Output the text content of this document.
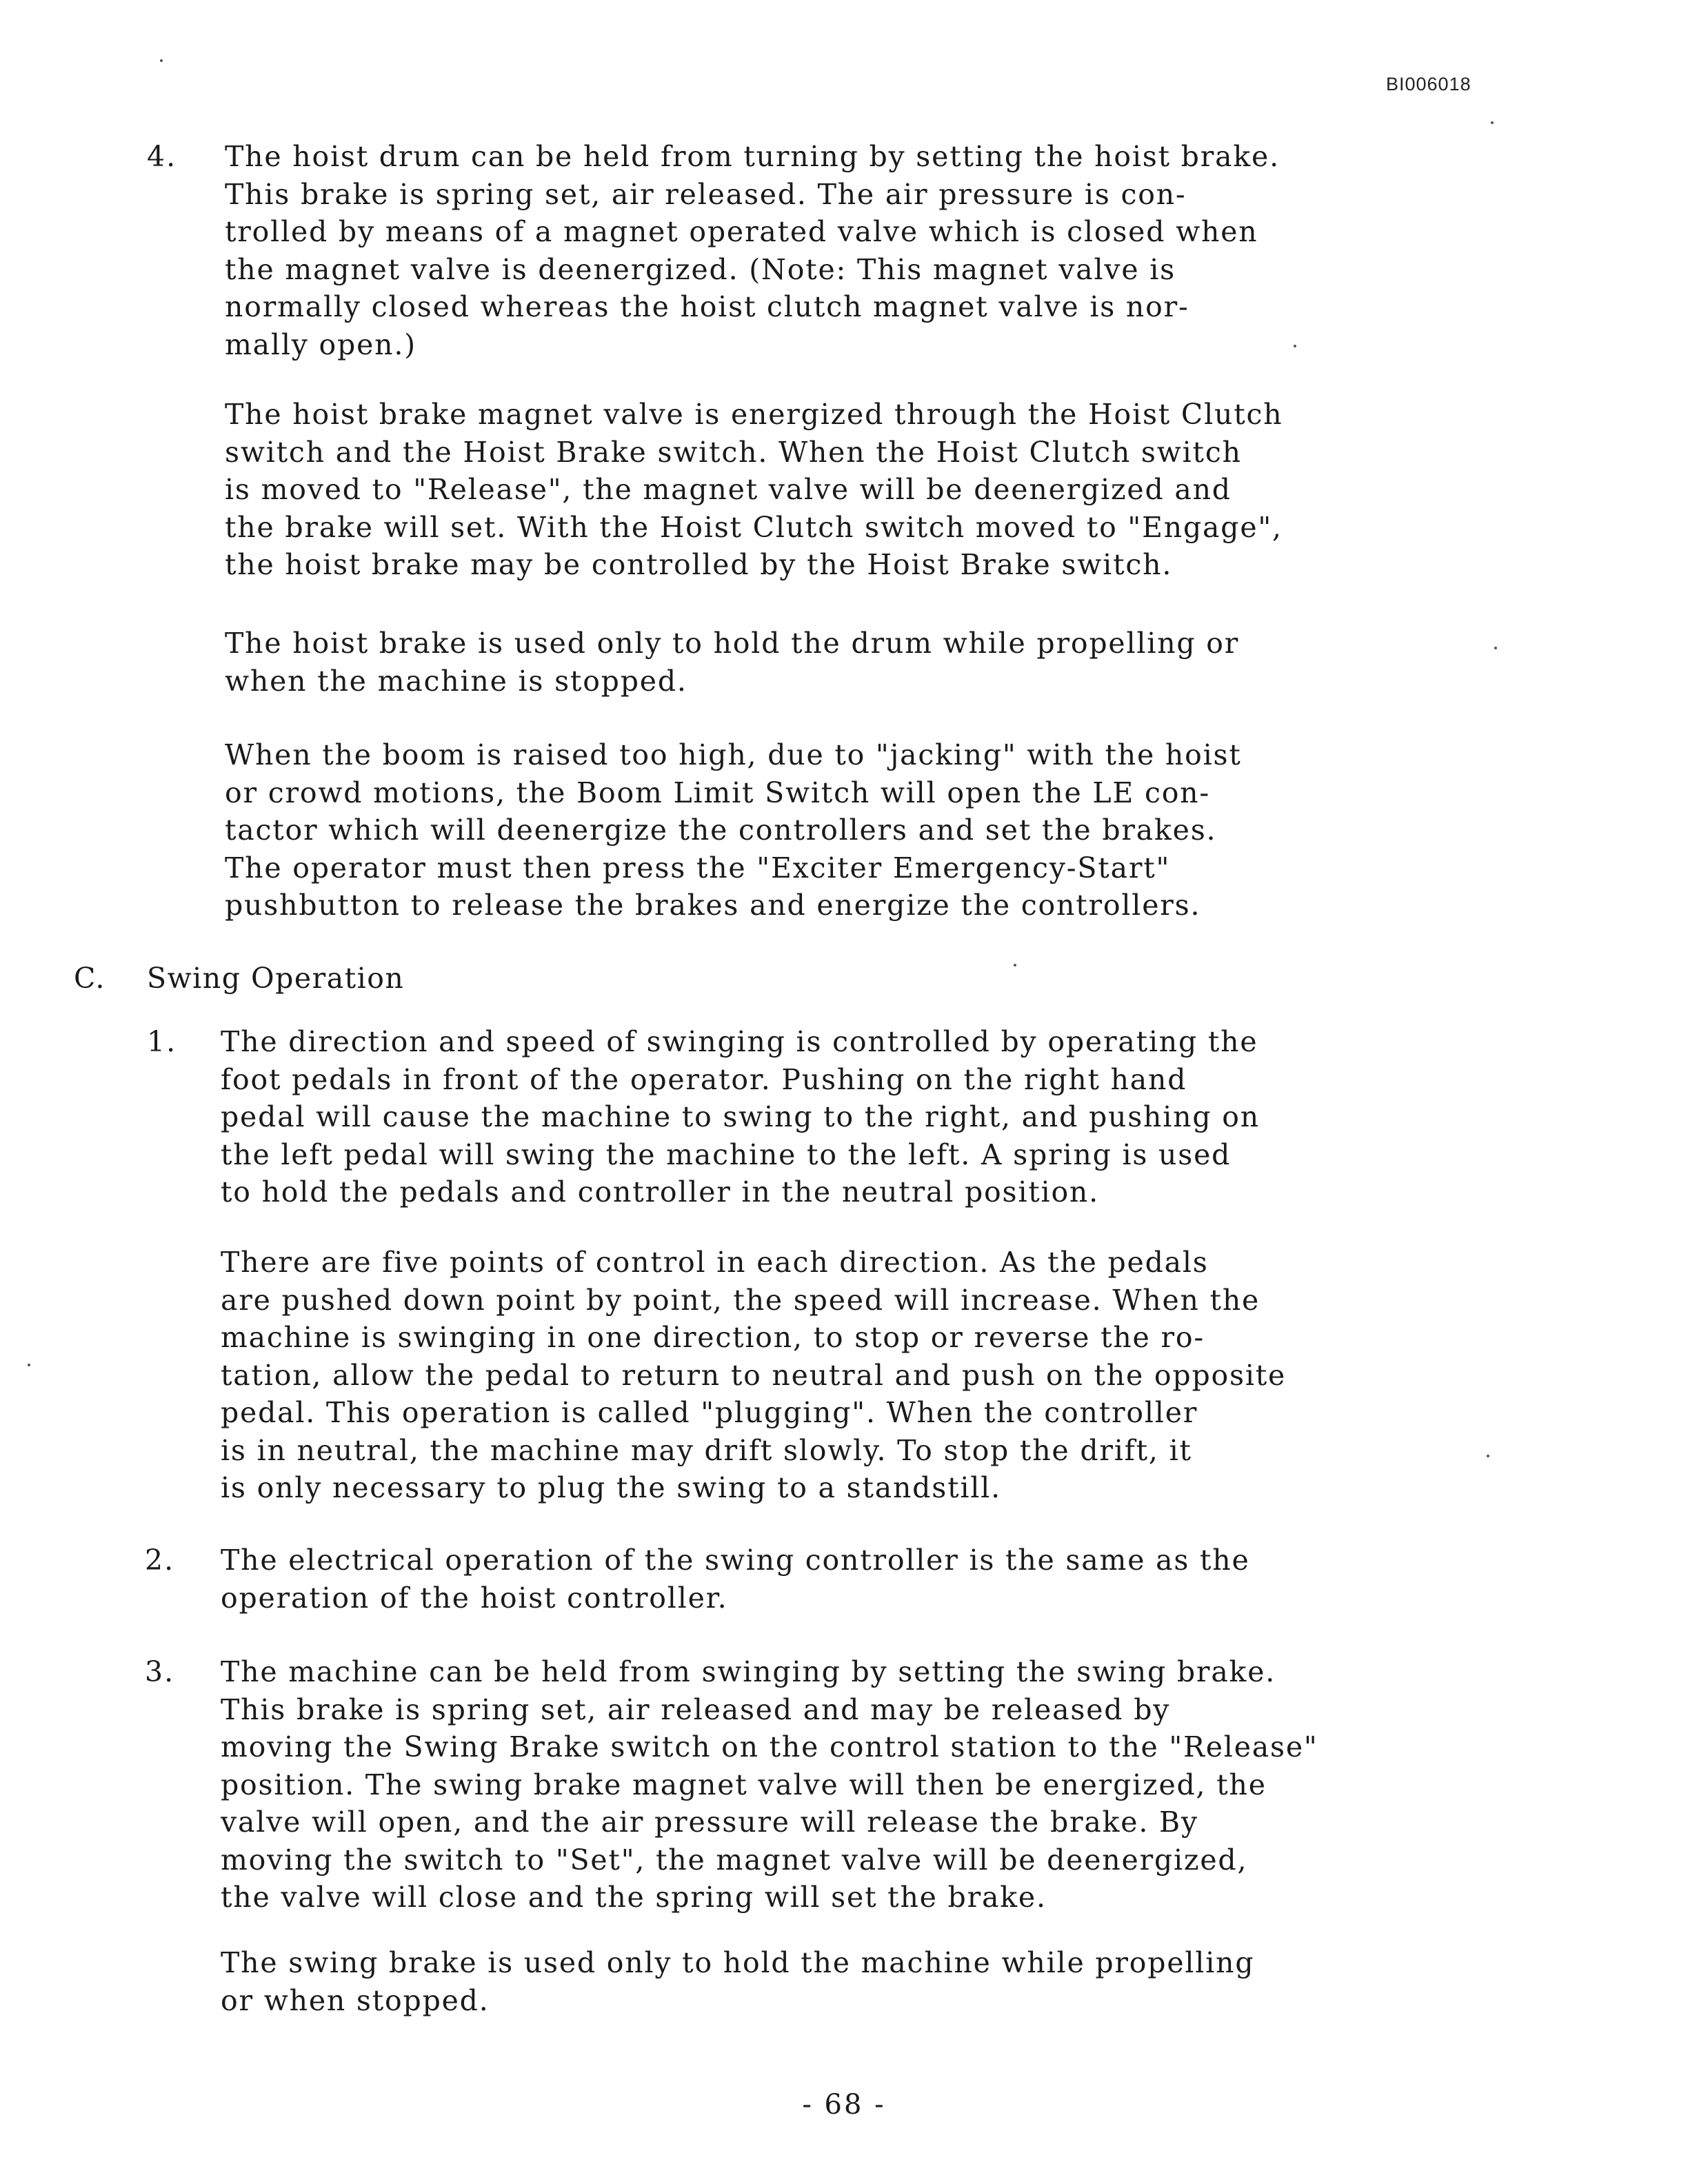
BI006018

4. The hoist drum can be held from turning by setting the hoist brake.
This brake is spring set, air released. The air pressure is con-
trolled by means of a magnet operated valve which is closed when
the magnet valve is deenergized. (Note: This magnet valve is
normally closed whereas the hoist clutch magnet valve is nor-
mally open.)

The hoist brake magnet valve is energized through the Hoist Clutch
switch and the Hoist Brake switch. When the Hoist Clutch switch
is moved to "Release", the magnet valve will be deenergized and
the brake will set. With the Hoist Clutch switch moved to "Engage",
the hoist brake may be controlled by the Hoist Brake switch.

The hoist brake is used only to hold the drum while propelling or
when the machine is stopped.

When the boom is raised too high, due to "jacking" with the hoist
or crowd motions, the Boom Limit Switch will open the LE con-
tactor which will deenergize the controllers and set the brakes.
The operator must then press the "Exciter Emergency-Start"
pushbutton to release the brakes and energize the controllers.

C. Swing Operation

1. The direction and speed of swinging is controlled by operating the
foot pedals in front of the operator. Pushing on the right hand
pedal will cause the machine to swing to the right, and pushing on
the left pedal will swing the machine to the left. A spring is used
to hold the pedals and controller in the neutral position.

There are five points of control in each direction. As the pedals
are pushed down point by point, the speed will increase. When the
machine is swinging in one direction, to stop or reverse the ro-
tation, allow the pedal to return to neutral and push on the opposite
pedal. This operation is called "plugging". When the controller
is in neutral, the machine may drift slowly. To stop the drift, it
is only necessary to plug the swing to a standstill.

2. The electrical operation of the swing controller is the same as the
operation of the hoist controller.

3. The machine can be held from swinging by setting the swing brake.
This brake is spring set, air released and may be released by
moving the Swing Brake switch on the control station to the "Release"
position. The swing brake magnet valve will then be energized, the
valve will open, and the air pressure will release the brake. By
moving the switch to "Set", the magnet valve will be deenergized,
the valve will close and the spring will set the brake.

The swing brake is used only to hold the machine while propelling
or when stopped.

- 68 -
